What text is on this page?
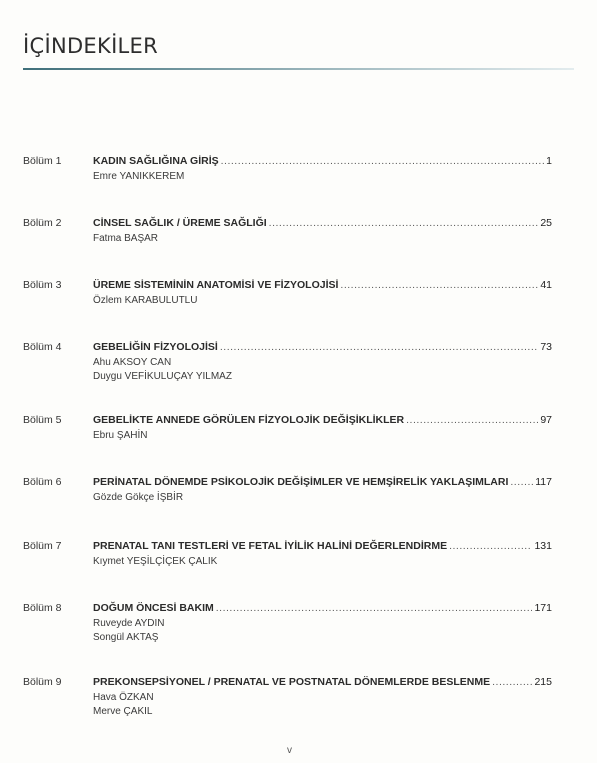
İÇİNDEKİLER
Bölüm 1	KADIN SAĞLIĞINA GİRİŞ .....	1
Emre YANIKKEREM
Bölüm 2	CİNSEL SAĞLIK / ÜREME SAĞLIĞI .....	25
Fatma BAŞAR
Bölüm 3	ÜREME SİSTEMİNİN ANATOMİSİ VE FİZYOLOJİSİ .....	41
Özlem KARABULUTLU
Bölüm 4	GEBELİĞİN FİZYOLOJİSİ .....	73
Ahu AKSOY CAN
Duygu VEFİKULUÇAY YILMAZ
Bölüm 5	GEBELİKTE ANNEDE GÖRÜLEN FİZYOLOJİK DEĞİŞİKLİKLER .....	97
Ebru ŞAHİN
Bölüm 6	PERİNATAL DÖNEMDE PSİKOLOJİK DEĞİŞİMLER VE HEMŞİRELİK YAKLAŞIMLARI .....	117
Gözde Gökçe İŞBİR
Bölüm 7	PRENATAL TANI TESTLERİ VE FETAL İYİLİK HALİNİ DEĞERLENDİRME .....	131
Kıymet YEŞİLÇİÇEK ÇALIK
Bölüm 8	DOĞUM ÖNCESİ BAKIM .....	171
Ruveyde AYDIN
Songül AKTAŞ
Bölüm 9	PREKONSEPSİYONEL / PRENATAL VE POSTNATAL DÖNEMLERDE BESLENME .....	215
Hava ÖZKAN
Merve ÇAKIL
v
